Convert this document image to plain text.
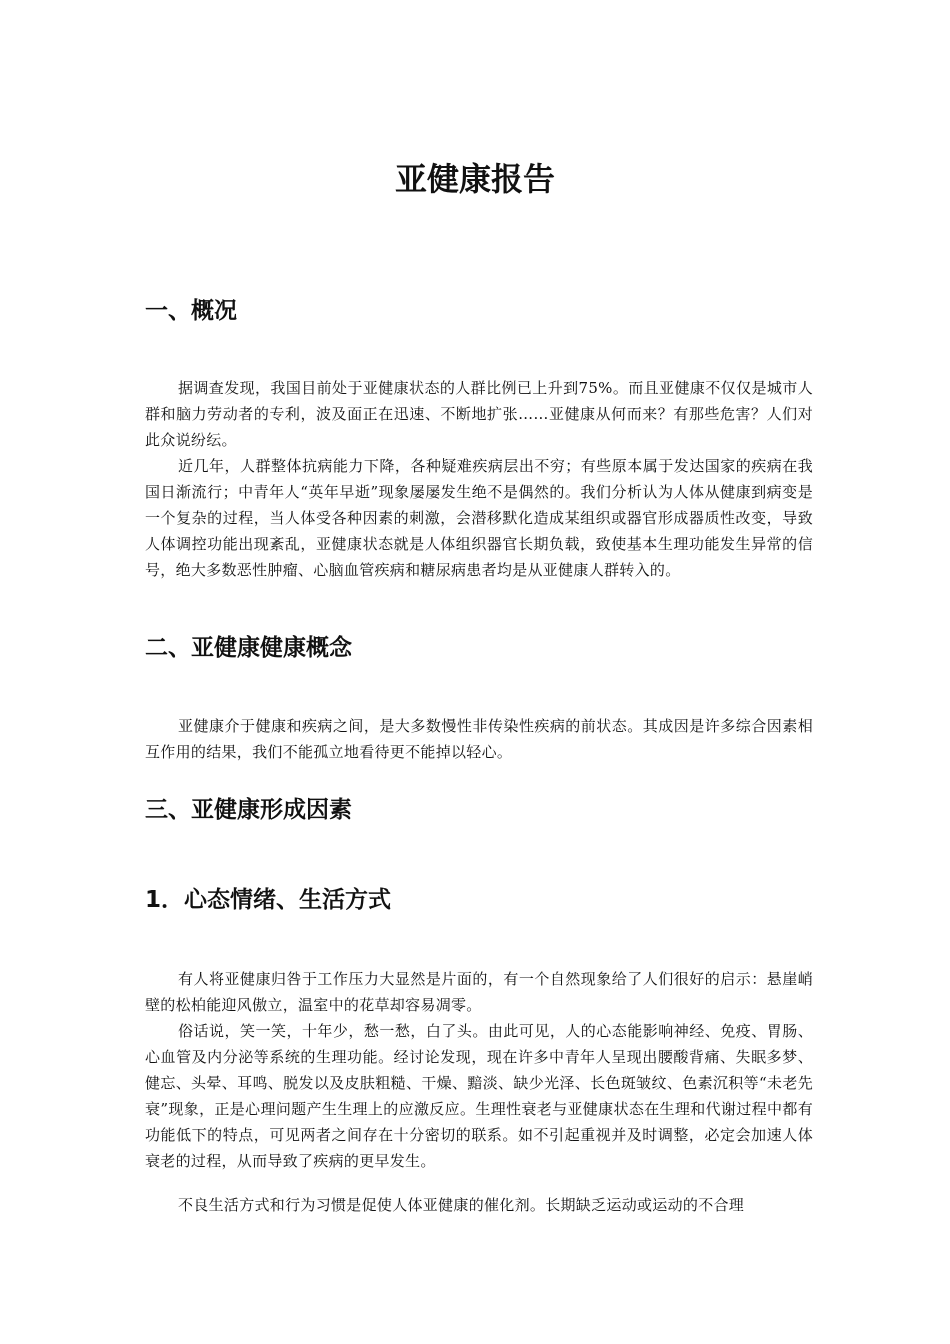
亚健康报告
一、概况

据调查发现，我国目前处于亚健康状态的人群比例已上升到75%。而且亚健康不仅仅是城市人群和脑力劳动者的专利，波及面正在迅速、不断地扩张……亚健康从何而来？有那些危害？人们对此众说纷纭。

近几年，人群整体抗病能力下降，各种疑难疾病层出不穷；有些原本属于发达国家的疾病在我国日渐流行；中青年人“英年早逝”现象屡屡发生绝不是偶然的。我们分析认为人体从健康到病变是一个复杂的过程，当人体受各种因素的刺激，会潜移默化造成某组织或器官形成器质性改变，导致人体调控功能出现紊乱，亚健康状态就是人体组织器官长期负载，致使基本生理功能发生异常的信号，绝大多数恶性肿瘤、心脑血管疾病和糖尿病患者均是从亚健康人群转入的。

二、亚健康健康概念

亚健康介于健康和疾病之间，是大多数慢性非传染性疾病的前状态。其成因是许多综合因素相互作用的结果，我们不能孤立地看待更不能掉以轻心。

三、亚健康形成因素
1．心态情绪、生活方式

有人将亚健康归咎于工作压力大显然是片面的，有一个自然现象给了人们很好的启示：悬崖峭壁的松柏能迎风傲立，温室中的花草却容易凋零。

俗话说，笑一笑，十年少，愁一愁，白了头。由此可见，人的心态能影响神经、免疫、胃肠、心血管及内分泌等系统的生理功能。经讨论发现，现在许多中青年人呈现出腰酸背痛、失眠多梦、健忘、头晕、耳鸣、脱发以及皮肤粗糙、干燥、黯淡、缺少光泽、长色斑皱纹、色素沉积等“未老先衰”现象，正是心理问题产生生理上的应激反应。生理性衰老与亚健康状态在生理和代谢过程中都有功能低下的特点，可见两者之间存在十分密切的联系。如不引起重视并及时调整，必定会加速人体衰老的过程，从而导致了疾病的更早发生。

不良生活方式和行为习惯是促使人体亚健康的催化剂。长期缺乏运动或运动的不合理
